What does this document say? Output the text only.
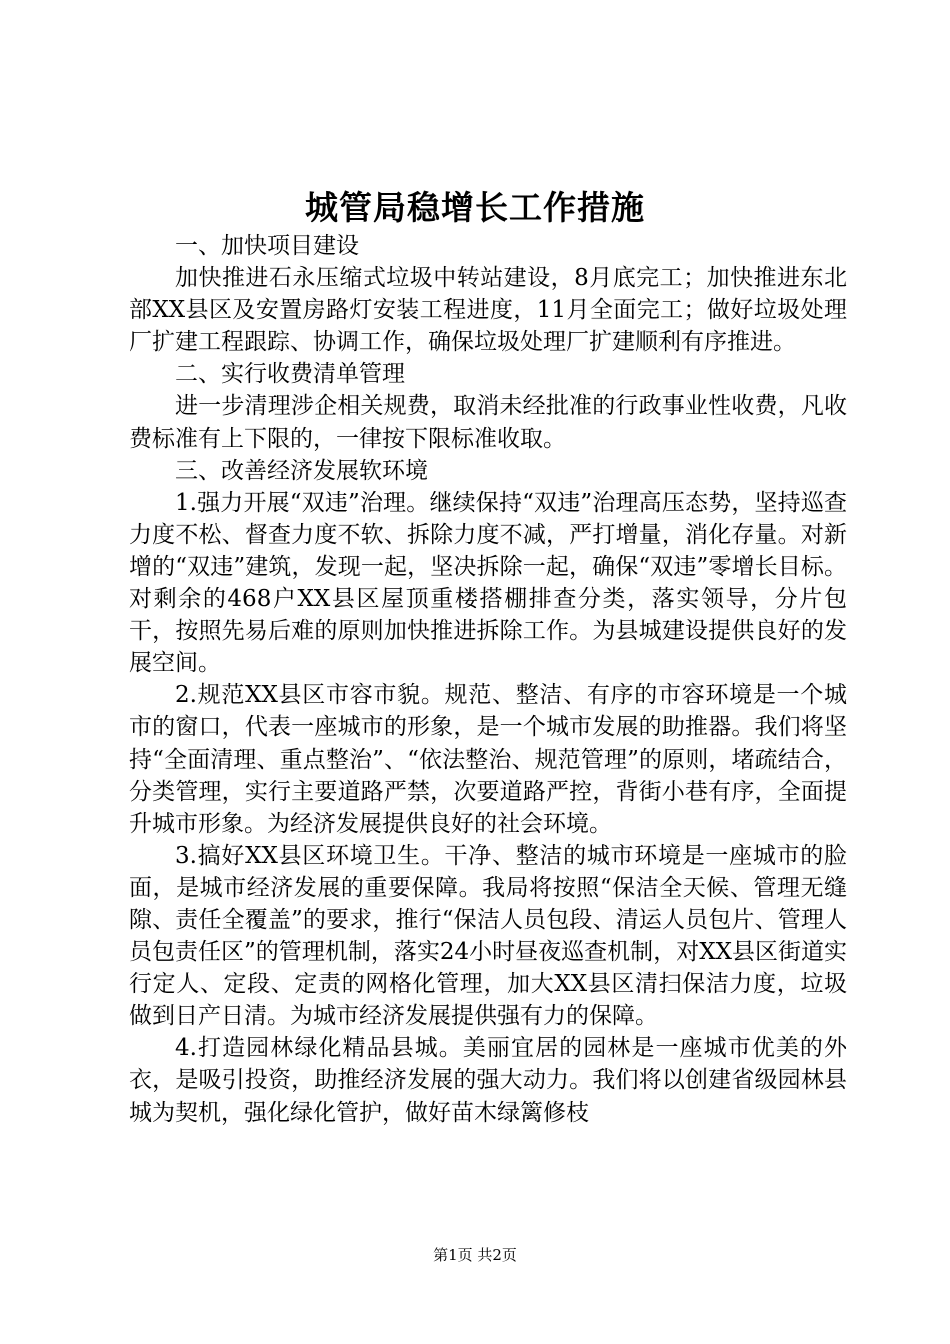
城管局稳增长工作措施

一、加快项目建设

加快推进石永压缩式垃圾中转站建设，8月底完工；加快推进东北部XX县区及安置房路灯安装工程进度，11月全面完工；做好垃圾处理厂扩建工程跟踪、协调工作，确保垃圾处理厂扩建顺利有序推进。

二、实行收费清单管理

进一步清理涉企相关规费，取消未经批准的行政事业性收费，凡收费标准有上下限的，一律按下限标准收取。

三、改善经济发展软环境

1.强力开展“双违”治理。继续保持“双违”治理高压态势，坚持巡查力度不松、督查力度不软、拆除力度不减，严打增量，消化存量。对新增的“双违”建筑，发现一起，坚决拆除一起，确保“双违”零增长目标。对剩余的468户XX县区屋顶重楼搭棚排查分类，落实领导，分片包干，按照先易后难的原则加快推进拆除工作。为县城建设提供良好的发展空间。

2.规范XX县区市容市貌。规范、整洁、有序的市容环境是一个城市的窗口，代表一座城市的形象，是一个城市发展的助推器。我们将坚持“全面清理、重点整治”、“依法整治、规范管理”的原则，堵疏结合，分类管理，实行主要道路严禁，次要道路严控，背街小巷有序，全面提升城市形象。为经济发展提供良好的社会环境。

3.搞好XX县区环境卫生。干净、整洁的城市环境是一座城市的脸面，是城市经济发展的重要保障。我局将按照“保洁全天候、管理无缝隙、责任全覆盖”的要求，推行“保洁人员包段、清运人员包片、管理人员包责任区”的管理机制，落实24小时昼夜巡查机制，对XX县区街道实行定人、定段、定责的网格化管理，加大XX县区清扫保洁力度，垃圾做到日产日清。为城市经济发展提供强有力的保障。

4.打造园林绿化精品县城。美丽宜居的园林是一座城市优美的外衣，是吸引投资，助推经济发展的强大动力。我们将以创建省级园林县城为契机，强化绿化管护，做好苗木绿篱修枝

第1页 共2页
